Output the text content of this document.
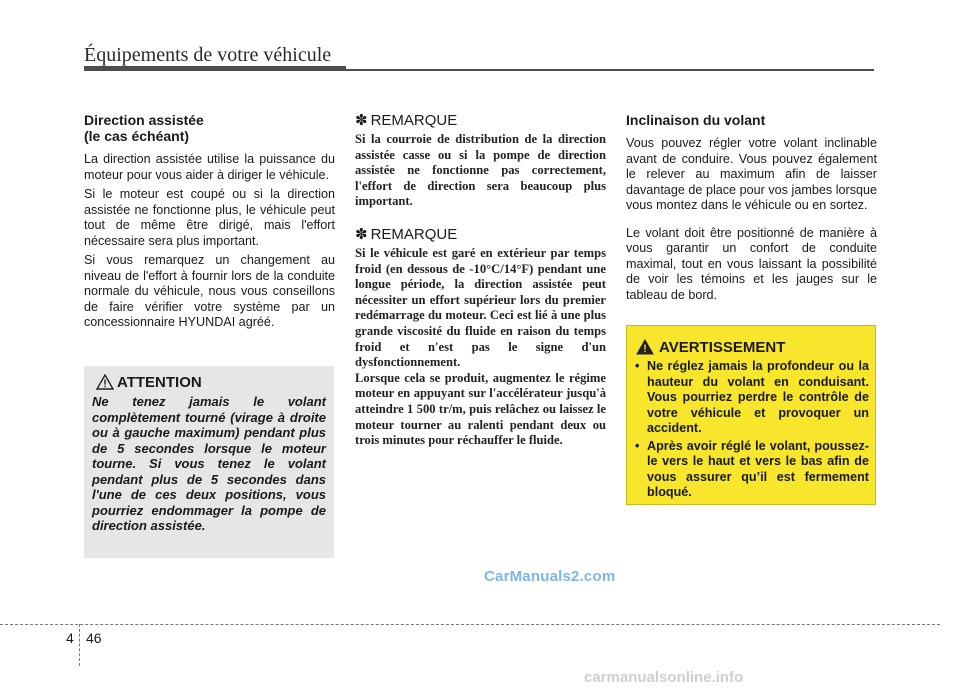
Équipements de votre véhicule
Direction assistée
(le cas échéant)

La direction assistée utilise la puissance du moteur pour vous aider à diriger le véhicule.

Si le moteur est coupé ou si la direction assistée ne fonctionne plus, le véhicule peut tout de même être dirigé, mais l'effort nécessaire sera plus important.

Si vous remarquez un changement au niveau de l'effort à fournir lors de la conduite normale du véhicule, nous vous conseillons de faire vérifier votre système par un concessionnaire HYUNDAI agréé.

ATTENTION
Ne tenez jamais le volant complètement tourné (virage à droite ou à gauche maximum) pendant plus de 5 secondes lorsque le moteur tourne. Si vous tenez le volant pendant plus de 5 secondes dans l'une de ces deux positions, vous pourriez endommager la pompe de direction assistée.
✽ REMARQUE

Si la courroie de distribution de la direction assistée casse ou si la pompe de direction assistée ne fonctionne pas correctement, l'effort de direction sera beaucoup plus important.

✽ REMARQUE

Si le véhicule est garé en extérieur par temps froid (en dessous de -10°C/14°F) pendant une longue période, la direction assistée peut nécessiter un effort supérieur lors du premier redémarrage du moteur. Ceci est lié à une plus grande viscosité du fluide en raison du temps froid et n'est pas le signe d'un dysfonctionnement.
Lorsque cela se produit, augmentez le régime moteur en appuyant sur l'accélérateur jusqu'à atteindre 1 500 tr/m, puis relâchez ou laissez le moteur tourner au ralenti pendant deux ou trois minutes pour réchauffer le fluide.

Inclinaison du volant

Vous pouvez régler votre volant inclinable avant de conduire. Vous pouvez également le relever au maximum afin de laisser davantage de place pour vos jambes lorsque vous montez dans le véhicule ou en sortez.

Le volant doit être positionné de manière à vous garantir un confort de conduite maximal, tout en vous laissant la possibilité de voir les témoins et les jauges sur le tableau de bord.

AVERTISSEMENT
• Ne réglez jamais la profondeur ou la hauteur du volant en conduisant. Vous pourriez perdre le contrôle de votre véhicule et provoquer un accident.
• Après avoir réglé le volant, poussez-le vers le haut et vers le bas afin de vous assurer qu’il est fermement bloqué.
CarManuals2.com
4 46
carmanualsonline.info
